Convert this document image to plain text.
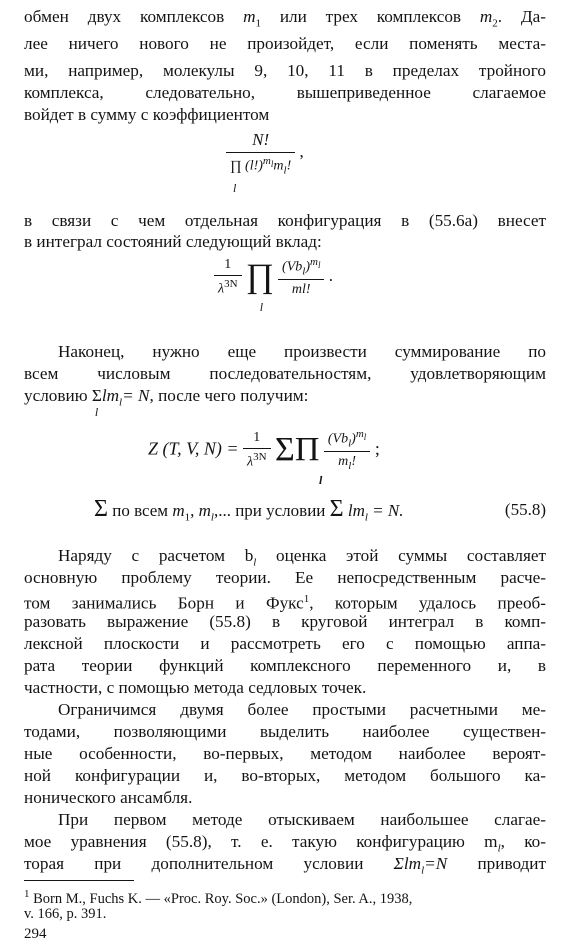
обмен двух комплексов $m_1$ или трех комплексов $m_2$. Да-
лее ничего нового не произойдет, если поменять места-
ми, например, молекулы 9, 10, 11 в пределах тройного
комплекса, следовательно, вышеприведенное слагаемое
войдет в сумму с коэффициентом
N!
∏
l
$(l!)^{m_l}m_l$! ,
в связи с чем отдельная конфигурация в (55.6a) внесет
в интеграл состояний следующий вклад:
$\frac{1}{\lambda^{3N}}$ ∏
l

$\frac{(Vb_l)^{m_l}}{ml!}$ .
Наконец, нужно еще произвести суммирование по
всем числовым последовательностям, удовлетворяющим
условию Σ
l
$lm_l= N$, после чего получим:
Z (T, V, $N) = \frac{1}{\lambda^{3N}}$ ΣΠ
l

$\frac{(Vb_l)^{m_l}}{m_l!}$ ;
Σ по всем $m_1$, $m_l$,... при условии Σ $lm_l = N$.	(55.8)
Наряду с расчетом $b_l$ оценка этой суммы составляет
основную проблему теории. Ее непосредственным расче-
том занимались Борн и Фукс$^1$, которым удалось преоб-
разовать выражение (55.8) в круговой интеграл в комп-
лексной плоскости и рассмотреть его с помощью аппа-
рата теории функций комплексного переменного и, в
частности, с помощью метода седловых точек.
Ограничимся двумя более простыми расчетными ме-
тодами, позволяющими выделить наиболее существен-
ные особенности, во-первых, методом наиболее вероят-
ной конфигурации и, во-вторых, методом большого ка-
нонического ансамбля.
При первом методе отыскиваем наибольшее слагае-
мое уравнения (55.8), т. е. такую конфигурацию $m_l$, ко-
торая при дополнительном условии Σlm$_l$=N приводит
$^1$ Born M., Fuchs K. — «Proc. Roy. Soc.» (London), Ser. A., 1938,
v. 166, p. 391.
294
